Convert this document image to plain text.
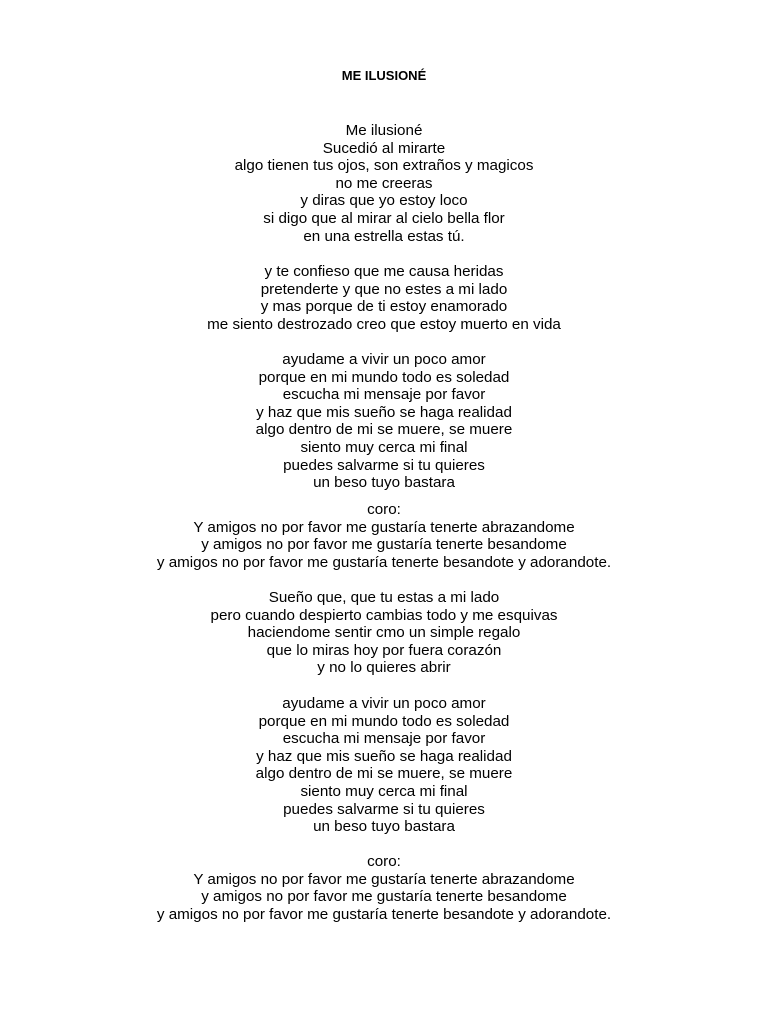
ME ILUSIONÉ
Me ilusioné
Sucedió al mirarte
algo tienen tus ojos, son extraños y magicos
no me creeras
y diras que yo estoy loco
si digo que al mirar al cielo bella flor
en una estrella estas tú.
y te confieso que me causa heridas
pretenderte y que no estes a mi lado
y mas porque de ti estoy enamorado
me siento destrozado creo que estoy muerto en vida
ayudame a vivir un poco amor
porque en mi mundo todo es soledad
escucha mi mensaje por favor
y haz que mis sueño se haga realidad
algo dentro de mi se muere, se muere
siento muy cerca mi final
puedes salvarme si tu quieres
un beso tuyo bastara
coro:
Y amigos no por favor me gustaría tenerte abrazandome
y amigos no por favor me gustaría tenerte besandome
y amigos no por favor me gustaría tenerte besandote y adorandote.
Sueño que, que tu estas a mi lado
pero cuando despierto cambias todo y me esquivas
haciendome sentir cmo un simple regalo
que lo miras hoy por fuera corazón
y no lo quieres abrir
ayudame a vivir un poco amor
porque en mi mundo todo es soledad
escucha mi mensaje por favor
y haz que mis sueño se haga realidad
algo dentro de mi se muere, se muere
siento muy cerca mi final
puedes salvarme si tu quieres
un beso tuyo bastara
coro:
Y amigos no por favor me gustaría tenerte abrazandome
y amigos no por favor me gustaría tenerte besandome
y amigos no por favor me gustaría tenerte besandote y adorandote.
